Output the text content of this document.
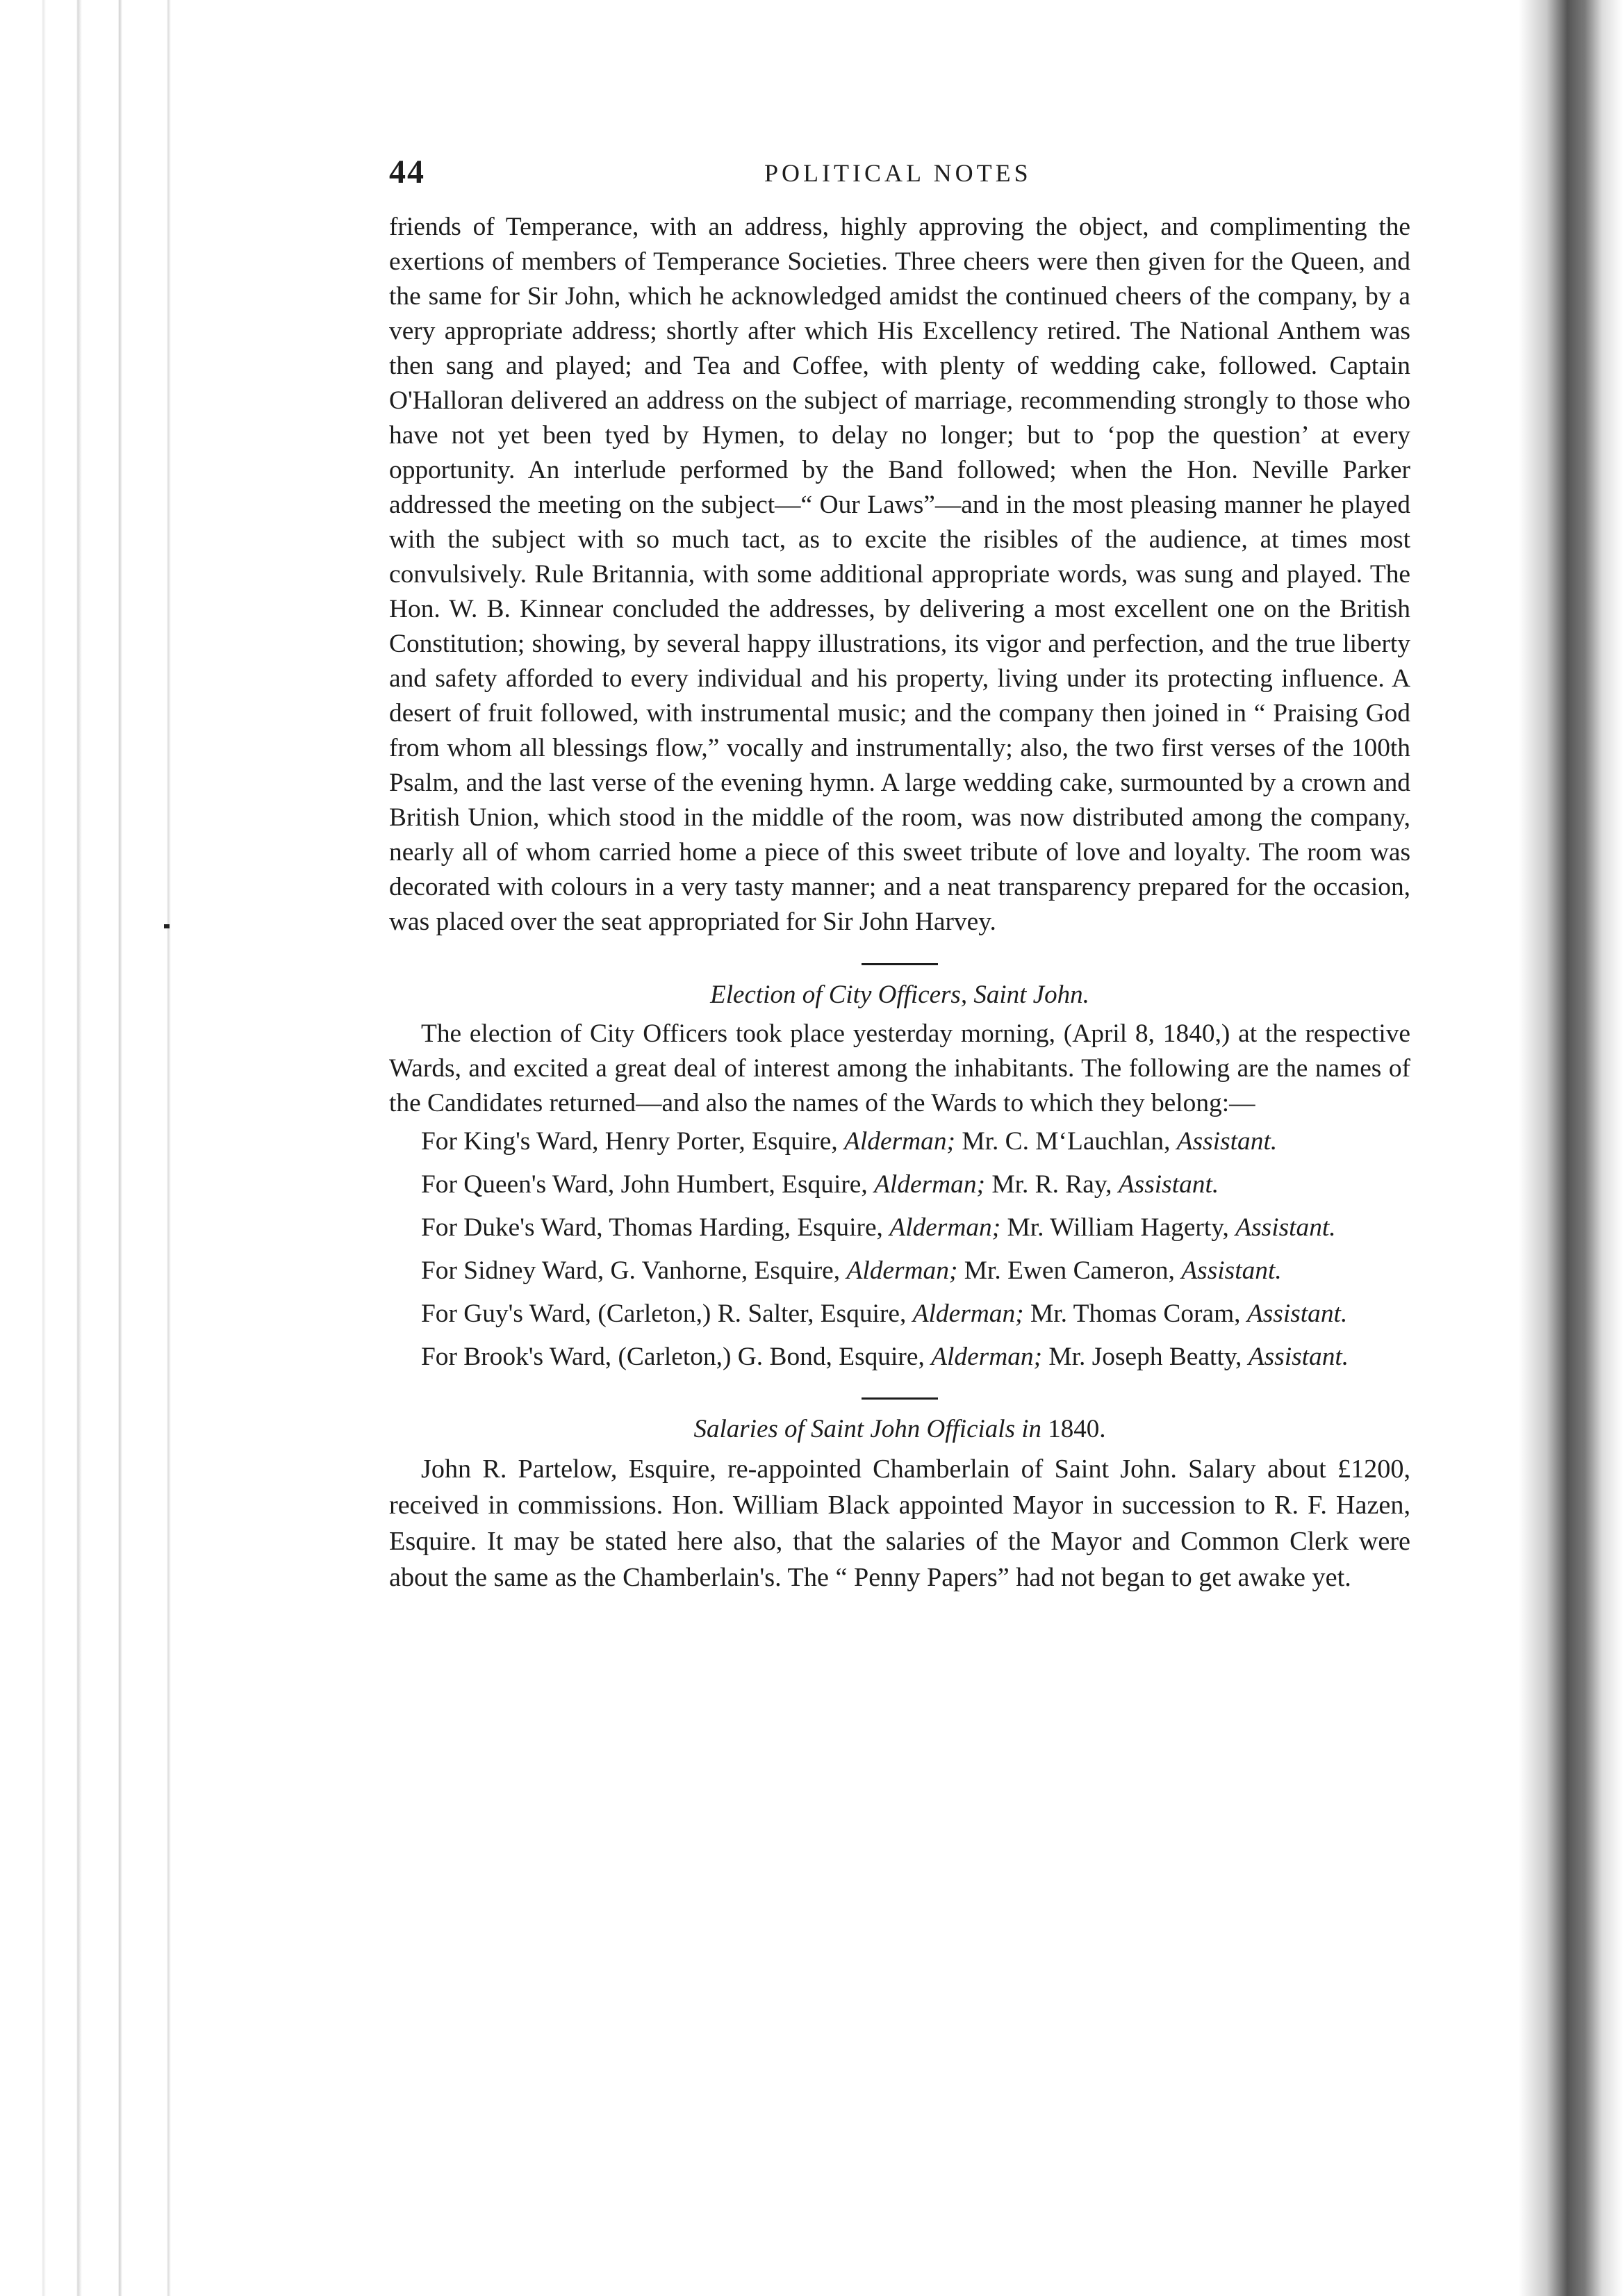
44	POLITICAL NOTES

friends of Temperance, with an address, highly approving the object, and complimenting the exertions of members of Temperance Societies. Three cheers were then given for the Queen, and the same for Sir John, which he acknowledged amidst the continued cheers of the company, by a very appropriate address; shortly after which His Excellency retired. The National Anthem was then sang and played; and Tea and Coffee, with plenty of wedding cake, followed. Captain O'Halloran delivered an address on the subject of marriage, recommending strongly to those who have not yet been tyed by Hymen, to delay no longer; but to ‘pop the question’ at every opportunity. An interlude performed by the Band followed; when the Hon. Neville Parker addressed the meeting on the subject—“ Our Laws”—and in the most pleasing manner he played with the subject with so much tact, as to excite the risibles of the audience, at times most convulsively. Rule Britannia, with some additional appropriate words, was sung and played. The Hon. W. B. Kinnear concluded the addresses, by delivering a most excellent one on the British Constitution; showing, by several happy illustrations, its vigor and perfection, and the true liberty and safety afforded to every individual and his property, living under its protecting influence. A desert of fruit followed, with instrumental music; and the company then joined in “ Praising God from whom all blessings flow,” vocally and instrumentally; also, the two first verses of the 100th Psalm, and the last verse of the evening hymn. A large wedding cake, surmounted by a crown and British Union, which stood in the middle of the room, was now distributed among the company, nearly all of whom carried home a piece of this sweet tribute of love and loyalty. The room was decorated with colours in a very tasty manner; and a neat transparency prepared for the occasion, was placed over the seat appropriated for Sir John Harvey.

Election of City Officers, Saint John.

The election of City Officers took place yesterday morning, (April 8, 1840,) at the respective Wards, and excited a great deal of interest among the inhabitants. The following are the names of the Candidates returned—and also the names of the Wards to which they belong:—

For King's Ward, Henry Porter, Esquire, Alderman; Mr. C. M‘Lauchlan, Assistant.
For Queen's Ward, John Humbert, Esquire, Alderman; Mr. R. Ray, Assistant.
For Duke's Ward, Thomas Harding, Esquire, Alderman; Mr. William Hagerty, Assistant.
For Sidney Ward, G. Vanhorne, Esquire, Alderman; Mr. Ewen Cameron, Assistant.
For Guy's Ward, (Carleton,) R. Salter, Esquire, Alderman; Mr. Thomas Coram, Assistant.
For Brook's Ward, (Carleton,) G. Bond, Esquire, Alderman; Mr. Joseph Beatty, Assistant.

Salaries of Saint John Officials in 1840.

John R. Partelow, Esquire, re-appointed Chamberlain of Saint John. Salary about £1200, received in commissions. Hon. William Black appointed Mayor in succession to R. F. Hazen, Esquire. It may be stated here also, that the salaries of the Mayor and Common Clerk were about the same as the Chamberlain's. The “ Penny Papers” had not began to get awake yet.
